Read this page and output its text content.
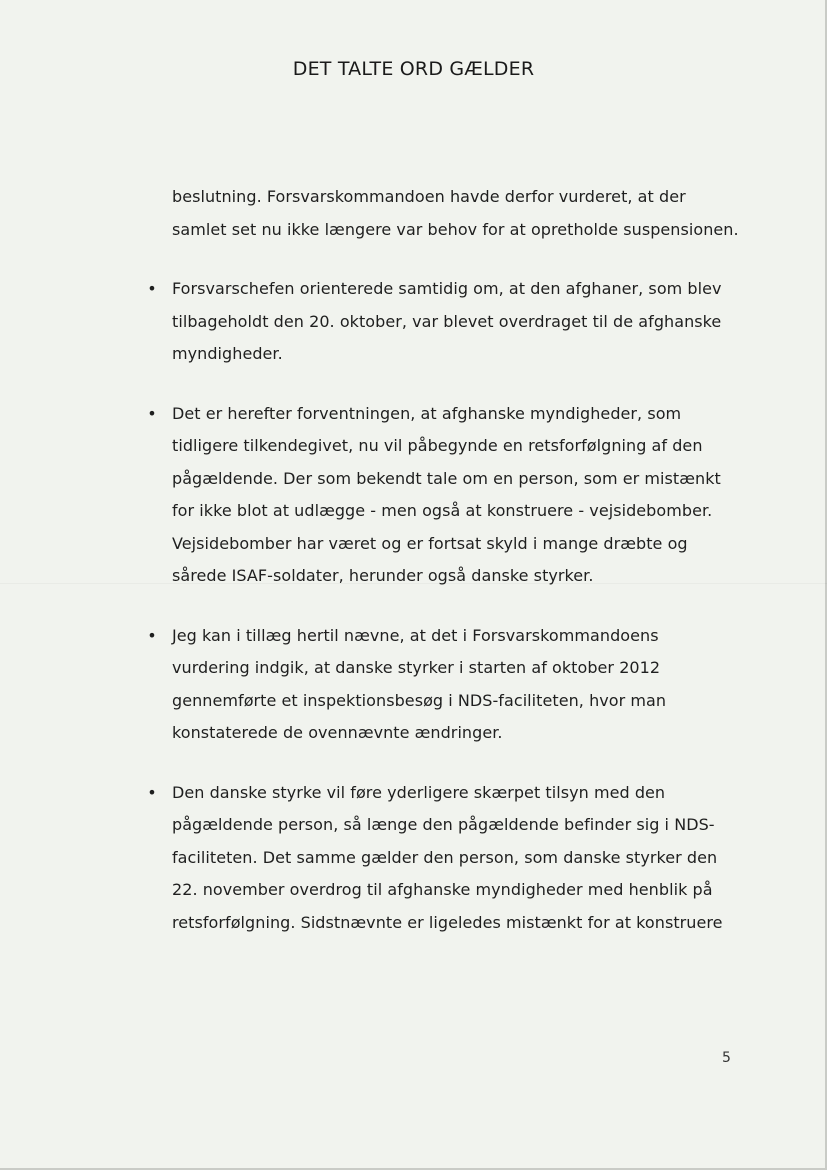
DET TALTE ORD GÆLDER
beslutning. Forsvarskommandoen havde derfor vurderet, at der
samlet set nu ikke længere var behov for at opretholde suspensionen.
• Forsvarschefen orienterede samtidig om, at den afghaner, som blev
tilbageholdt den 20. oktober, var blevet overdraget til de afghanske
myndigheder.
• Det er herefter forventningen, at afghanske myndigheder, som
tidligere tilkendegivet, nu vil påbegynde en retsforfølgning af den
pågældende. Der som bekendt tale om en person, som er mistænkt
for ikke blot at udlægge - men også at konstruere - vejsidebomber.
Vejsidebomber har været og er fortsat skyld i mange dræbte og
sårede ISAF-soldater, herunder også danske styrker.
• Jeg kan i tillæg hertil nævne, at det i Forsvarskommandoens
vurdering indgik, at danske styrker i starten af oktober 2012
gennemførte et inspektionsbesøg i NDS-faciliteten, hvor man
konstaterede de ovennævnte ændringer.
• Den danske styrke vil føre yderligere skærpet tilsyn med den
pågældende person, så længe den pågældende befinder sig i NDS-
faciliteten. Det samme gælder den person, som danske styrker den
22. november overdrog til afghanske myndigheder med henblik på
retsforfølgning. Sidstnævnte er ligeledes mistænkt for at konstruere
5
